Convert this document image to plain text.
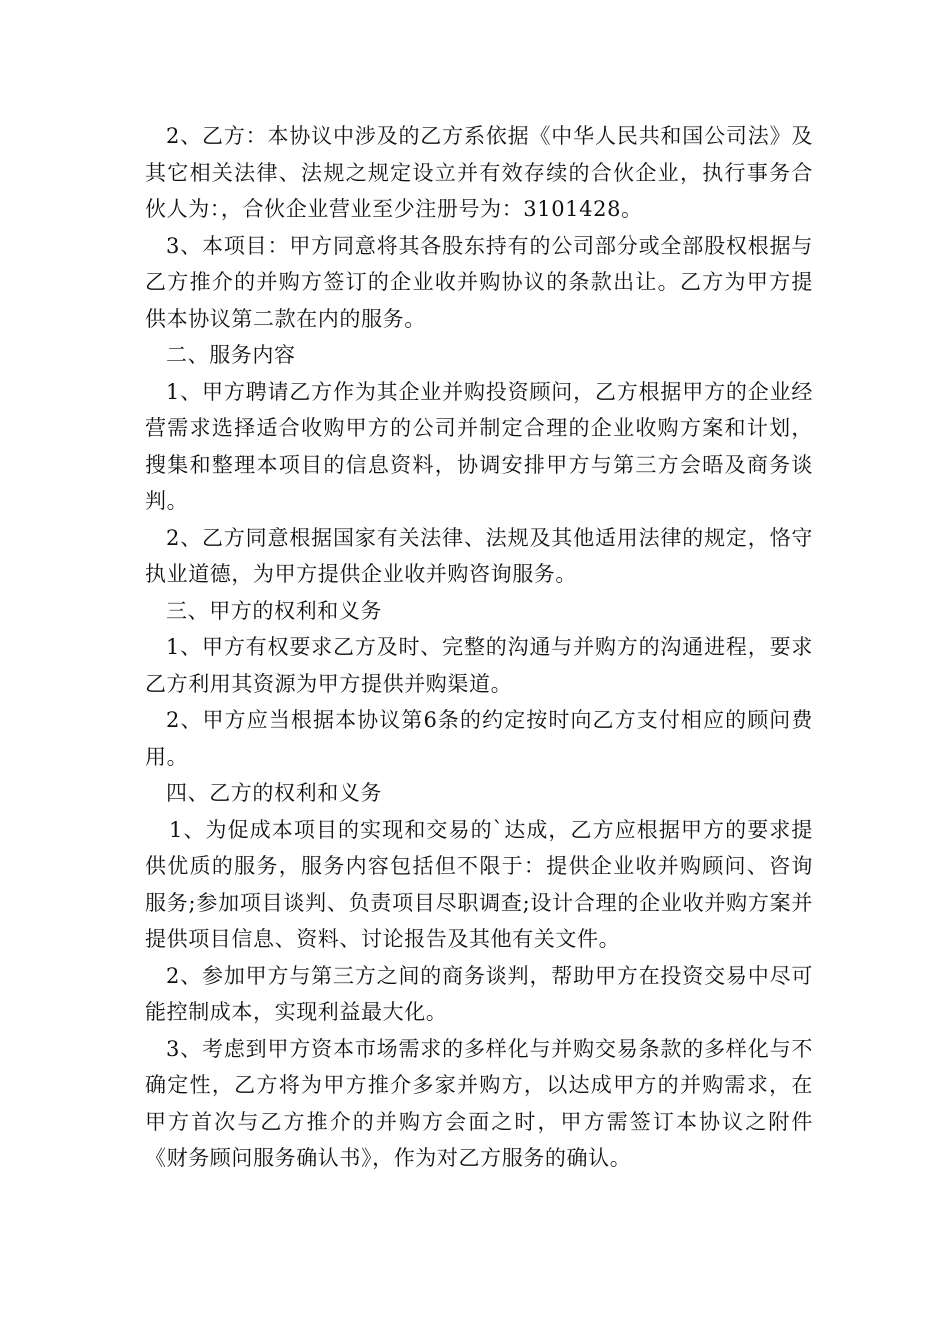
2、乙方：本协议中涉及的乙方系依据《中华人民共和国公司法》及其它相关法律、法规之规定设立并有效存续的合伙企业，执行事务合伙人为：，合伙企业营业至少注册号为：3101428。

3、本项目：甲方同意将其各股东持有的公司部分或全部股权根据与乙方推介的并购方签订的企业收并购协议的条款出让。乙方为甲方提供本协议第二款在内的服务。

二、服务内容

1、甲方聘请乙方作为其企业并购投资顾问，乙方根据甲方的企业经营需求选择适合收购甲方的公司并制定合理的企业收购方案和计划，搜集和整理本项目的信息资料，协调安排甲方与第三方会晤及商务谈判。

2、乙方同意根据国家有关法律、法规及其他适用法律的规定，恪守执业道德，为甲方提供企业收并购咨询服务。

三、甲方的权利和义务

1、甲方有权要求乙方及时、完整的沟通与并购方的沟通进程，要求乙方利用其资源为甲方提供并购渠道。

2、甲方应当根据本协议第6条的约定按时向乙方支付相应的顾问费用。

四、乙方的权利和义务

1、为促成本项目的实现和交易的`达成，乙方应根据甲方的要求提供优质的服务，服务内容包括但不限于：提供企业收并购顾问、咨询服务;参加项目谈判、负责项目尽职调查;设计合理的企业收并购方案并提供项目信息、资料、讨论报告及其他有关文件。

2、参加甲方与第三方之间的商务谈判，帮助甲方在投资交易中尽可能控制成本，实现利益最大化。

3、考虑到甲方资本市场需求的多样化与并购交易条款的多样化与不确定性，乙方将为甲方推介多家并购方，以达成甲方的并购需求，在甲方首次与乙方推介的并购方会面之时，甲方需签订本协议之附件《财务顾问服务确认书》，作为对乙方服务的确认。
